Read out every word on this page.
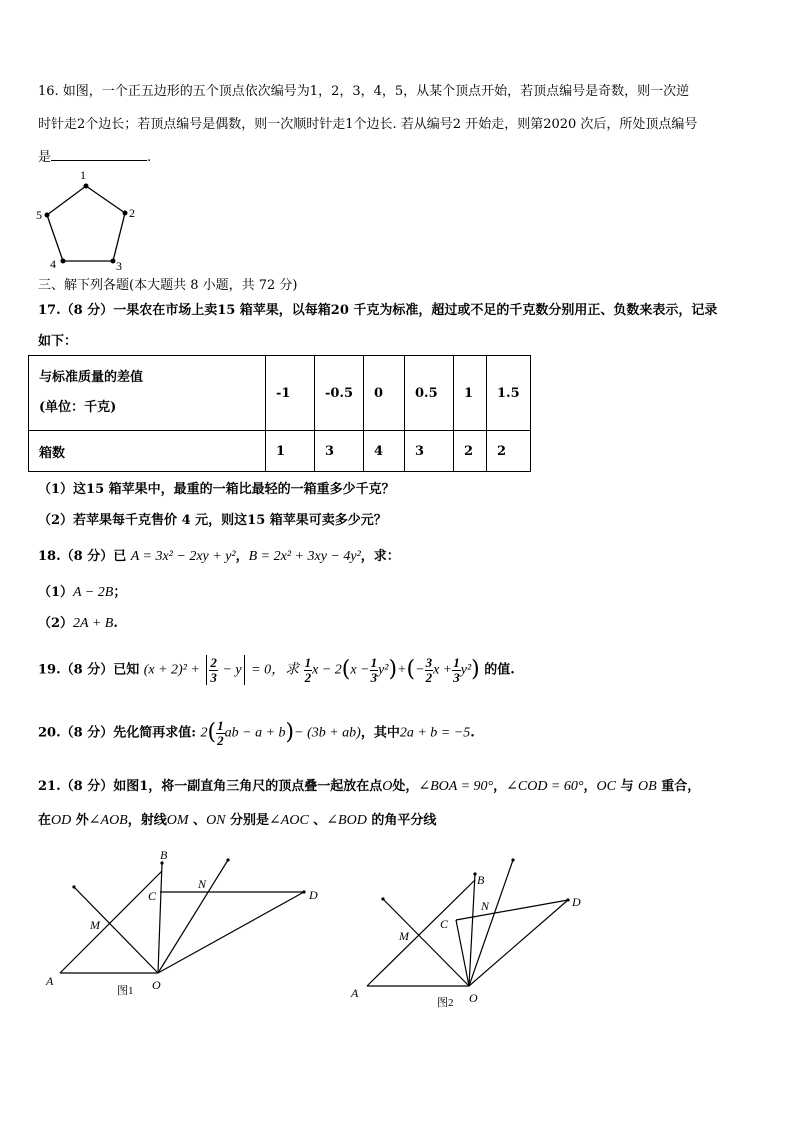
16. 如图，一个正五边形的五个顶点依次编号为1，2，3，4，5，从某个顶点开始，若顶点编号是奇数，则一次逆
时针走2个边长；若顶点编号是偶数，则一次顺时针走1个边长. 若从编号2 开始走，则第2020 次后，所处顶点编号
是	.
1
2
3
4
5
三、解下列各题(本大题共 8 小题，共 72 分)
17.（8 分）一果农在市场上卖15 箱苹果，以每箱20 千克为标准，超过或不足的千克数分别用正、负数来表示，记录
如下：
与标准质量的差值
(单位：千克)	-1	-0.5	0	0.5	1	1.5
箱数	1	3	4	3	2	2
（1）这15 箱苹果中，最重的一箱比最轻的一箱重多少千克？
（2）若苹果每千克售价 4 元，则这15 箱苹果可卖多少元？
18.（8 分）已 A = 3x² − 2xy + y²，B = 2x² + 3xy − 4y²，求：
（1）A − 2B；
（2）2A + B.
19.（8 分）已知 $(x + 2)^2 + \frac{2}{3} - y = 0$，求 $\frac{1}{2}$ $x - 2(x - \frac{1}{3} y^2)+(- \frac{3}{2}$ $x + \frac{1}{3} y^2$) 的值.
20.（8 分）先化简再求值: $2( \frac{1}{2}$ ab − a + b)− (3b + ab)，其中2a + b = −5.
21.（8 分）如图1，将一副直角三角尺的顶点叠一起放在点O处，∠BOA = 90°，∠COD = 60°，OC 与 OB 重合，
在OD 外∠AOB，射线OM 、ON 分别是∠AOC 、∠BOD 的角平分线
A
B
C	D
M
N
O
图1	A
B
C
D
M
N
O
图2
